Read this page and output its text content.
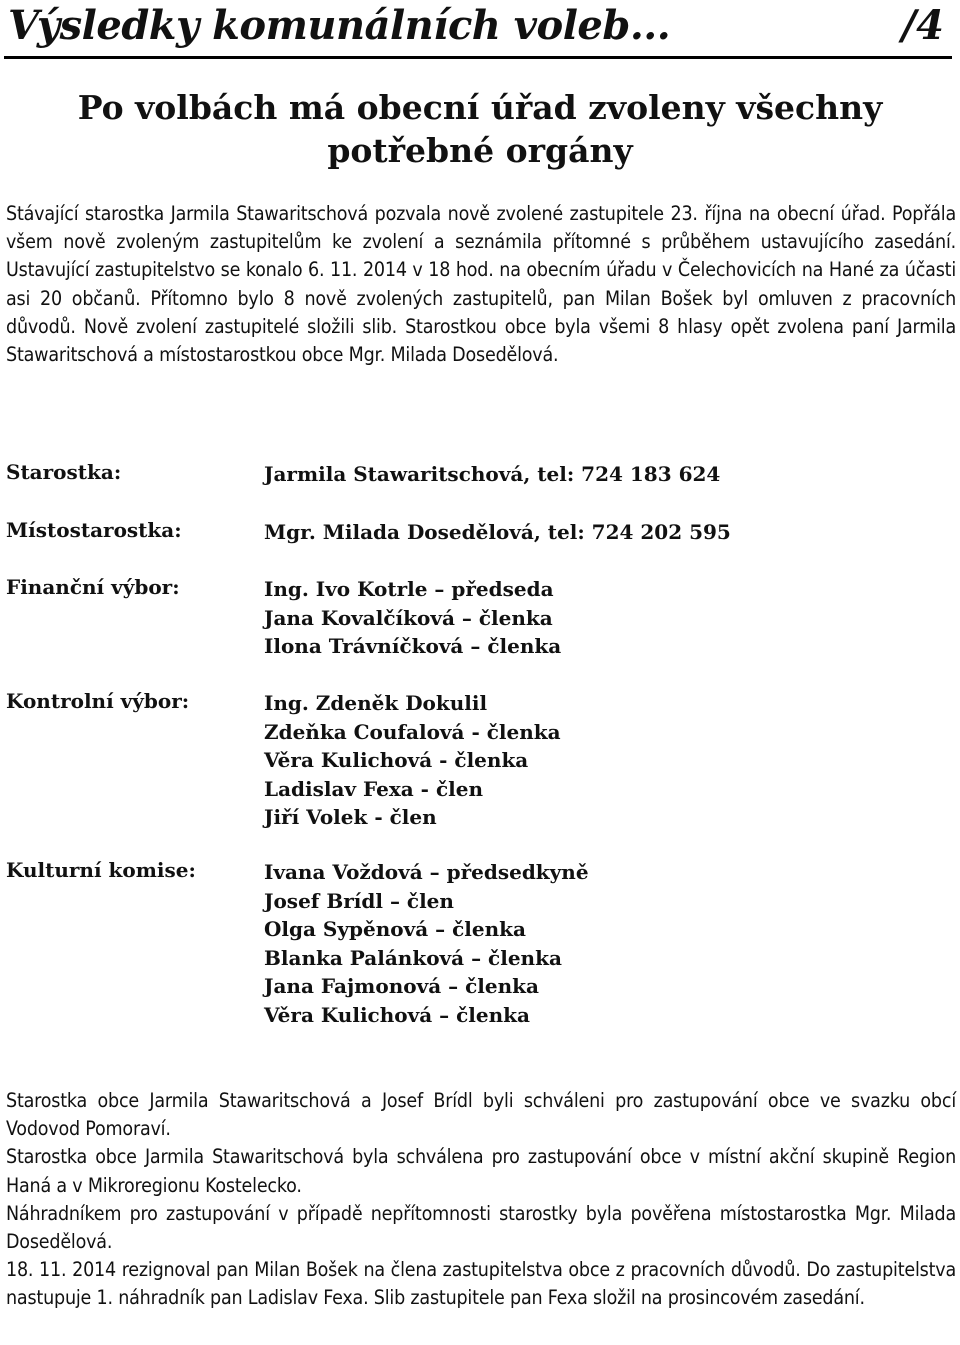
Výsledky komunálních voleb...	/4
Po volbách má obecní úřad zvoleny všechny
potřebné orgány

Stávající starostka Jarmila Stawaritschová pozvala nově zvolené zastupitele 23. října na obecní úřad. Popřála všem nově zvoleným zastupitelům ke zvolení a seznámila přítomné s průběhem ustavujícího zasedání. Ustavující zastupitelstvo se konalo 6. 11. 2014 v 18 hod. na obecním úřadu v Čelechovicích na Hané za účasti asi 20 občanů. Přítomno bylo 8 nově zvolených zastupitelů, pan Milan Bošek byl omluven z pracovních důvodů. Nově zvolení zastupitelé složili slib. Starostkou obce byla všemi 8 hlasy opět zvolena paní Jarmila Stawaritschová a místostarostkou obce Mgr. Milada Dosedělová.

Starostka:	Jarmila Stawaritschová, tel: 724 183 624
Místostarostka:	Mgr. Milada Dosedělová, tel: 724 202 595
Finanční výbor:	Ing. Ivo Kotrle – předseda
Jana Kovalčíková – členka
Ilona Trávníčková – členka
Kontrolní výbor:	Ing. Zdeněk Dokulil
Zdeňka Coufalová - členka
Věra Kulichová - členka
Ladislav Fexa - člen
Jiří Volek - člen
Kulturní komise:	Ivana Voždová – předsedkyně
Josef Brídl – člen
Olga Sypěnová – členka
Blanka Palánková – členka
Jana Fajmonová – členka
Věra Kulichová – členka
Starostka obce Jarmila Stawaritschová a Josef Brídl byli schváleni pro zastupování obce ve svazku obcí Vodovod Pomoraví.
Starostka obce Jarmila Stawaritschová byla schválena pro zastupování obce v místní akční skupině Region Haná a v Mikroregionu Kostelecko.
Náhradníkem pro zastupování v případě nepřítomnosti starostky byla pověřena místostarostka Mgr. Milada Dosedělová.
18. 11. 2014 rezignoval pan Milan Bošek na člena zastupitelstva obce z pracovních důvodů. Do zastupitelstva nastupuje 1. náhradník pan Ladislav Fexa. Slib zastupitele pan Fexa složil na prosincovém zasedání.
